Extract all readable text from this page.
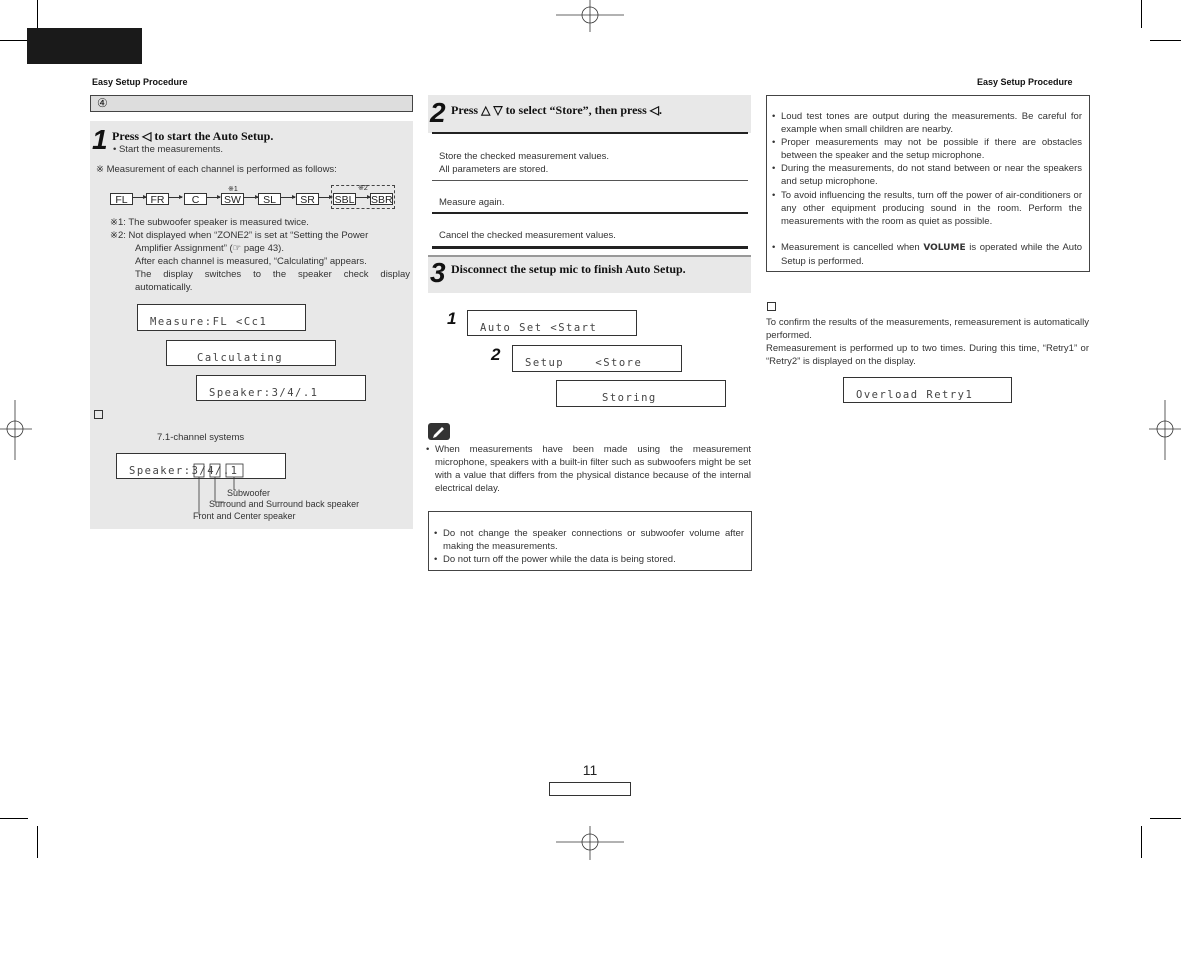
Easy Setup Procedure	Easy Setup Procedure
④
1 Press ◁ to start the Auto Setup.
• Start the measurements.
※ Measurement of each channel is performed as follows:
FL	FR	C	SW
※1
SL	SR
※2
SBL SBR
※1: The subwoofer speaker is measured twice.
※2: Not displayed when “ZONE2” is set at “Setting the Power
Amplifier Assignment” (☞ page 43).
After each channel is measured, “Calculating” appears.
The display switches to the speaker check display
automatically.
Measure:FL <Cc1
Calculating
Speaker:3/4/.1
7.1-channel systems
Speaker:3/4/.1
Subwoofer
Surround and Surround back speaker
Front and Center speaker
2 Press △ ▽ to select “Store”, then press ◁.
Store the checked measurement values.
All parameters are stored.
Measure again.
Cancel the checked measurement values.
3 Disconnect the setup mic to finish Auto Setup.
1	Auto Set <Start
2	Setup    <Store
Storing
• When measurements have been made using the measurement microphone, speakers with a built-in filter such as subwoofers might be set with a value that differs from the physical distance because of the internal electrical delay.
• Do not change the speaker connections or subwoofer volume after making the measurements.
• Do not turn off the power while the data is being stored.
• Loud test tones are output during the measurements. Be careful for example when small children are nearby.
• Proper measurements may not be possible if there are obstacles between the speaker and the setup microphone.
• During the measurements, do not stand between or near the speakers and setup microphone.
• To avoid influencing the results, turn off the power of air-conditioners or any other equipment producing sound in the room. Perform the measurements with the room as quiet as possible.
• Measurement is cancelled when VOLUME is operated while the Auto Setup is performed.
To confirm the results of the measurements, remeasurement is automatically performed.
Remeasurement is performed up to two times. During this time, “Retry1” or “Retry2” is displayed on the display.
Overload Retry1
11
